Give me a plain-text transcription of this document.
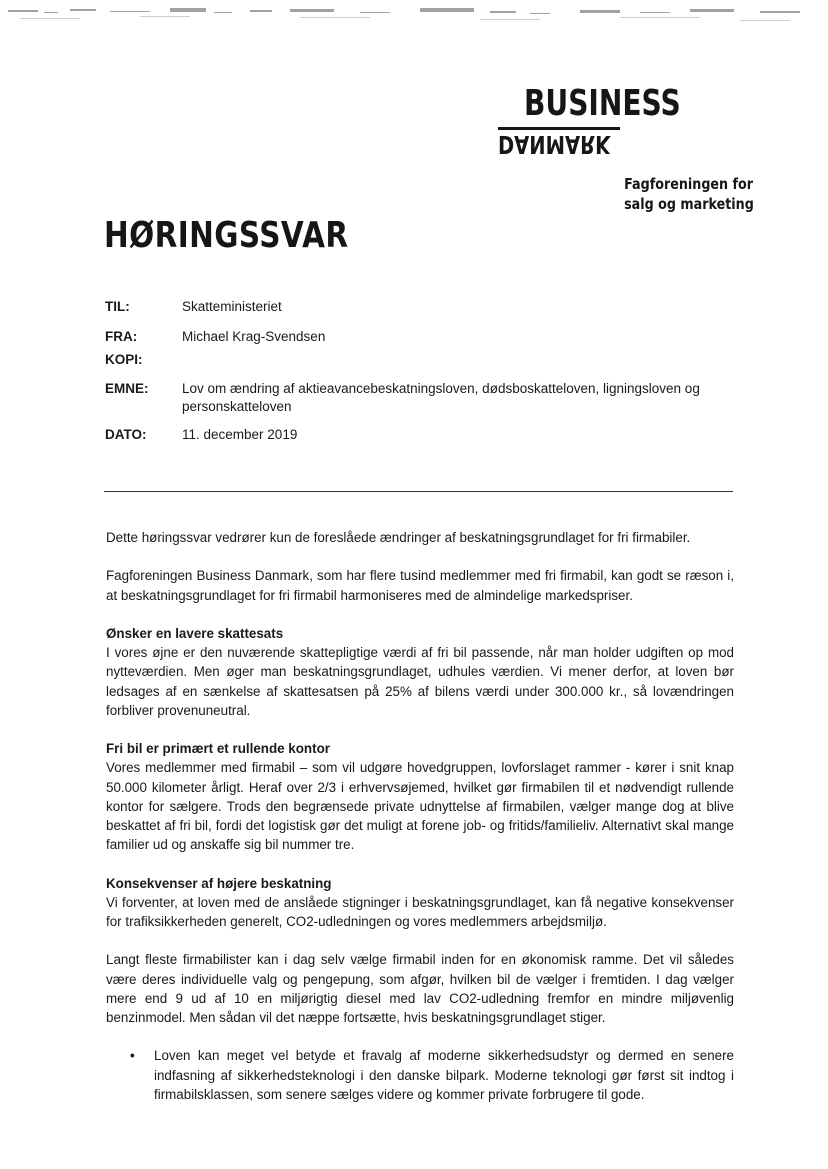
BUSINESS
DANMARK
Fagforeningen for
salg og marketing
HØRINGSSVAR
TIL:	Skatteministeriet
FRA:	Michael Krag-Svendsen
KOPI:
EMNE: Lov om ændring af aktieavancebeskatningsloven, dødsboskatteloven, ligningsloven og personskatteloven
DATO:	11. december 2019

Dette høringssvar vedrører kun de foreslåede ændringer af beskatningsgrundlaget for fri firmabiler.

Fagforeningen Business Danmark, som har flere tusind medlemmer med fri firmabil, kan godt se ræson i, at beskatningsgrundlaget for fri firmabil harmoniseres med de almindelige markedspriser.

Ønsker en lavere skattesats
I vores øjne er den nuværende skattepligtige værdi af fri bil passende, når man holder udgiften op mod nytteværdien. Men øger man beskatningsgrundlaget, udhules værdien. Vi mener derfor, at loven bør ledsages af en sænkelse af skattesatsen på 25% af bilens værdi under 300.000 kr., så lovændringen forbliver provenuneutral.

Fri bil er primært et rullende kontor
Vores medlemmer med firmabil – som vil udgøre hovedgruppen, lovforslaget rammer - kører i snit knap 50.000 kilometer årligt. Heraf over 2/3 i erhvervsøjemed, hvilket gør firmabilen til et nødvendigt rullende kontor for sælgere. Trods den begrænsede private udnyttelse af firmabilen, vælger mange dog at blive beskattet af fri bil, fordi det logistisk gør det muligt at forene job- og fritids/familieliv. Alternativt skal mange familier ud og anskaffe sig bil nummer tre.

Konsekvenser af højere beskatning
Vi forventer, at loven med de anslåede stigninger i beskatningsgrundlaget, kan få negative konsekvenser for trafiksikkerheden generelt, CO2-udledningen og vores medlemmers arbejdsmiljø.

Langt fleste firmabilister kan i dag selv vælge firmabil inden for en økonomisk ramme. Det vil således være deres individuelle valg og pengepung, som afgør, hvilken bil de vælger i fremtiden. I dag vælger mere end 9 ud af 10 en miljørigtig diesel med lav CO2-udledning fremfor en mindre miljøvenlig benzinmodel. Men sådan vil det næppe fortsætte, hvis beskatningsgrundlaget stiger.

• Loven kan meget vel betyde et fravalg af moderne sikkerhedsudstyr og dermed en senere indfasning af sikkerhedsteknologi i den danske bilpark. Moderne teknologi gør først sit indtog i firmabilsklassen, som senere sælges videre og kommer private forbrugere til gode.
